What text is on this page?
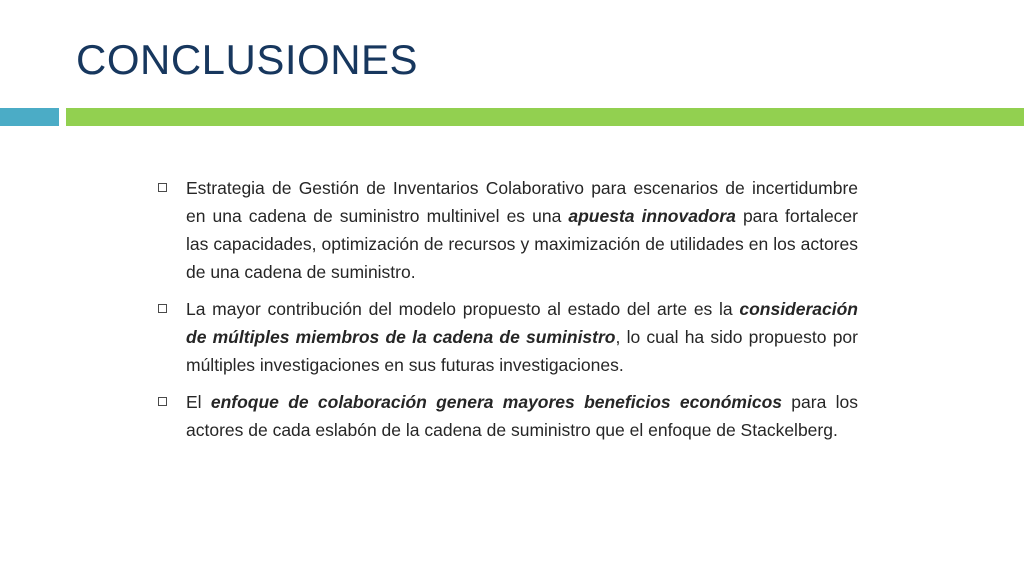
CONCLUSIONES
Estrategia de Gestión de Inventarios Colaborativo para escenarios de incertidumbre en una cadena de suministro multinivel es una apuesta innovadora para fortalecer las capacidades, optimización de recursos y maximización de utilidades en los actores de una cadena de suministro.
La mayor contribución del modelo propuesto al estado del arte es la consideración de múltiples miembros de la cadena de suministro, lo cual ha sido propuesto por múltiples investigaciones en sus futuras investigaciones.
El enfoque de colaboración genera mayores beneficios económicos para los actores de cada eslabón de la cadena de suministro que el enfoque de Stackelberg.
